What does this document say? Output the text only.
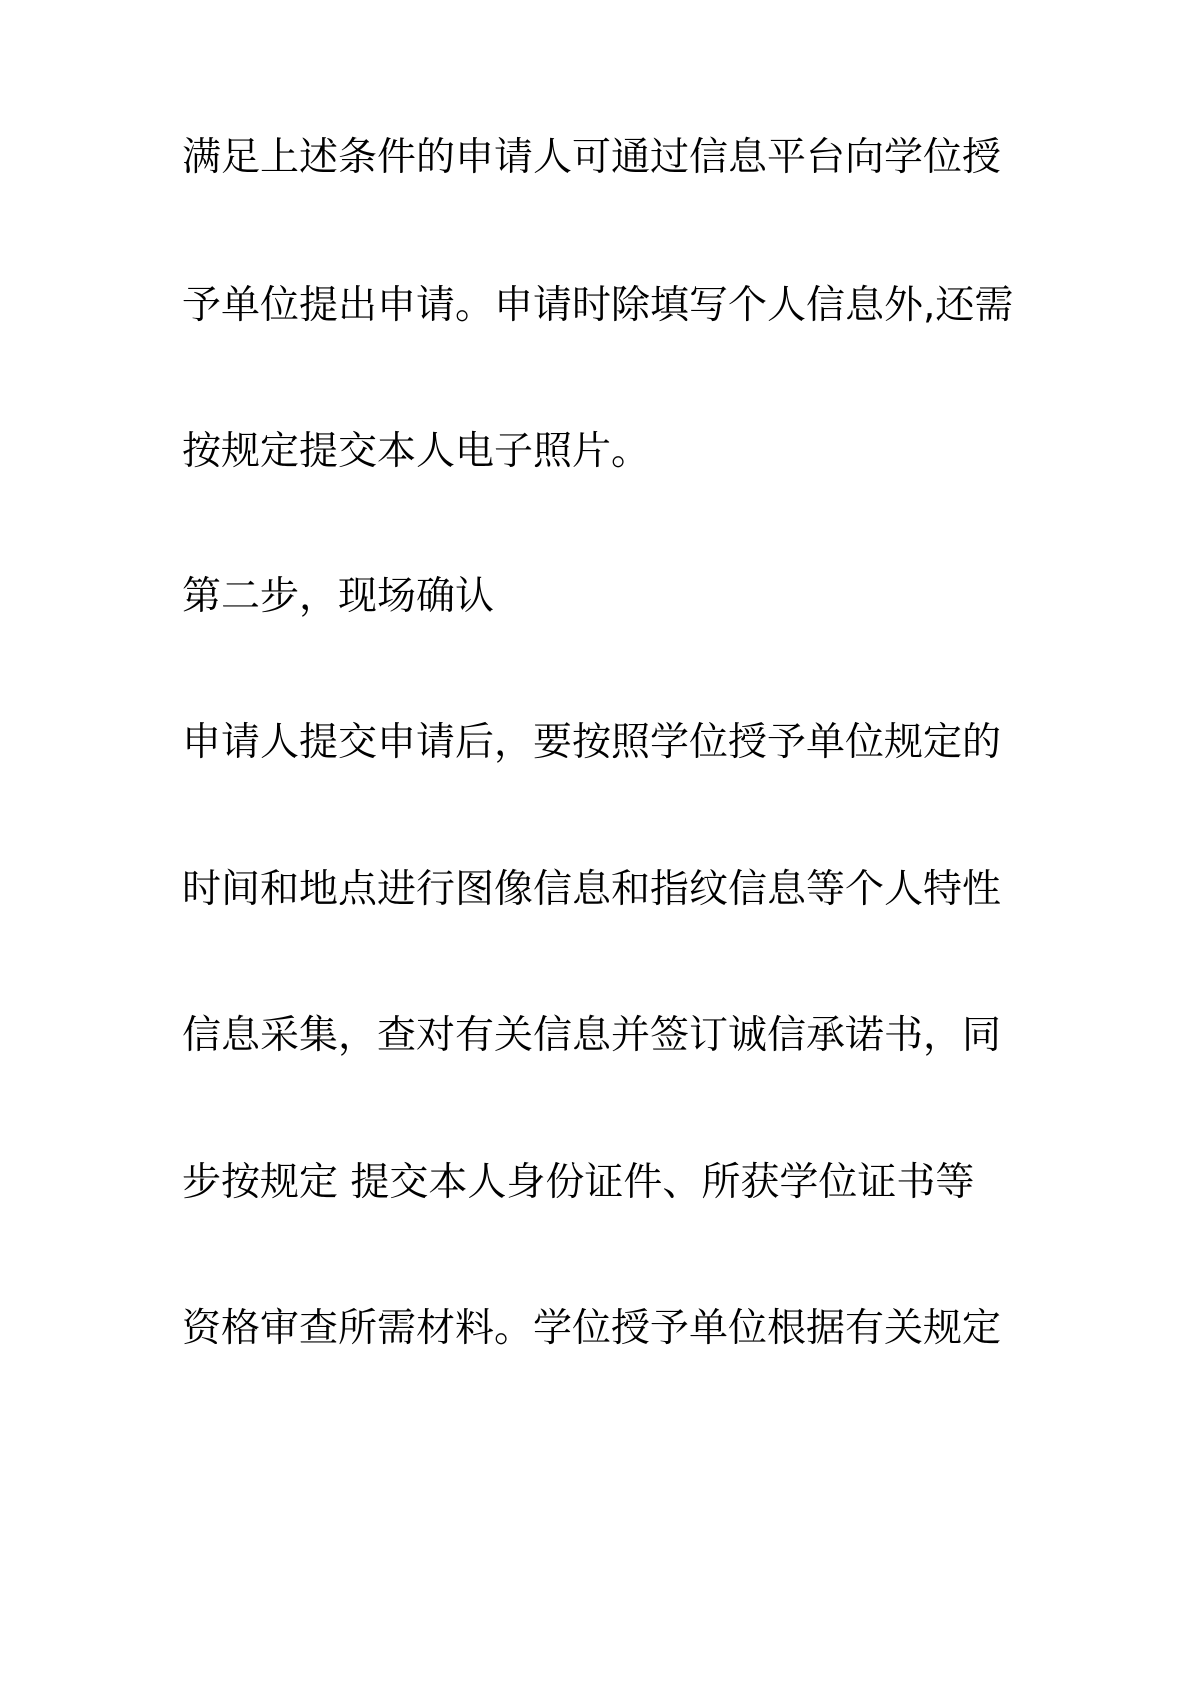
满足上述条件的申请人可通过信息平台向学位授

予单位提出申请。申请时除填写个人信息外,还需

按规定提交本人电子照片。

第二步，现场确认

申请人提交申请后，要按照学位授予单位规定的

时间和地点进行图像信息和指纹信息等个人特性

信息采集，查对有关信息并签订诚信承诺书，同

步按规定 提交本人身份证件、所获学位证书等

资格审查所需材料。学位授予单位根据有关规定
